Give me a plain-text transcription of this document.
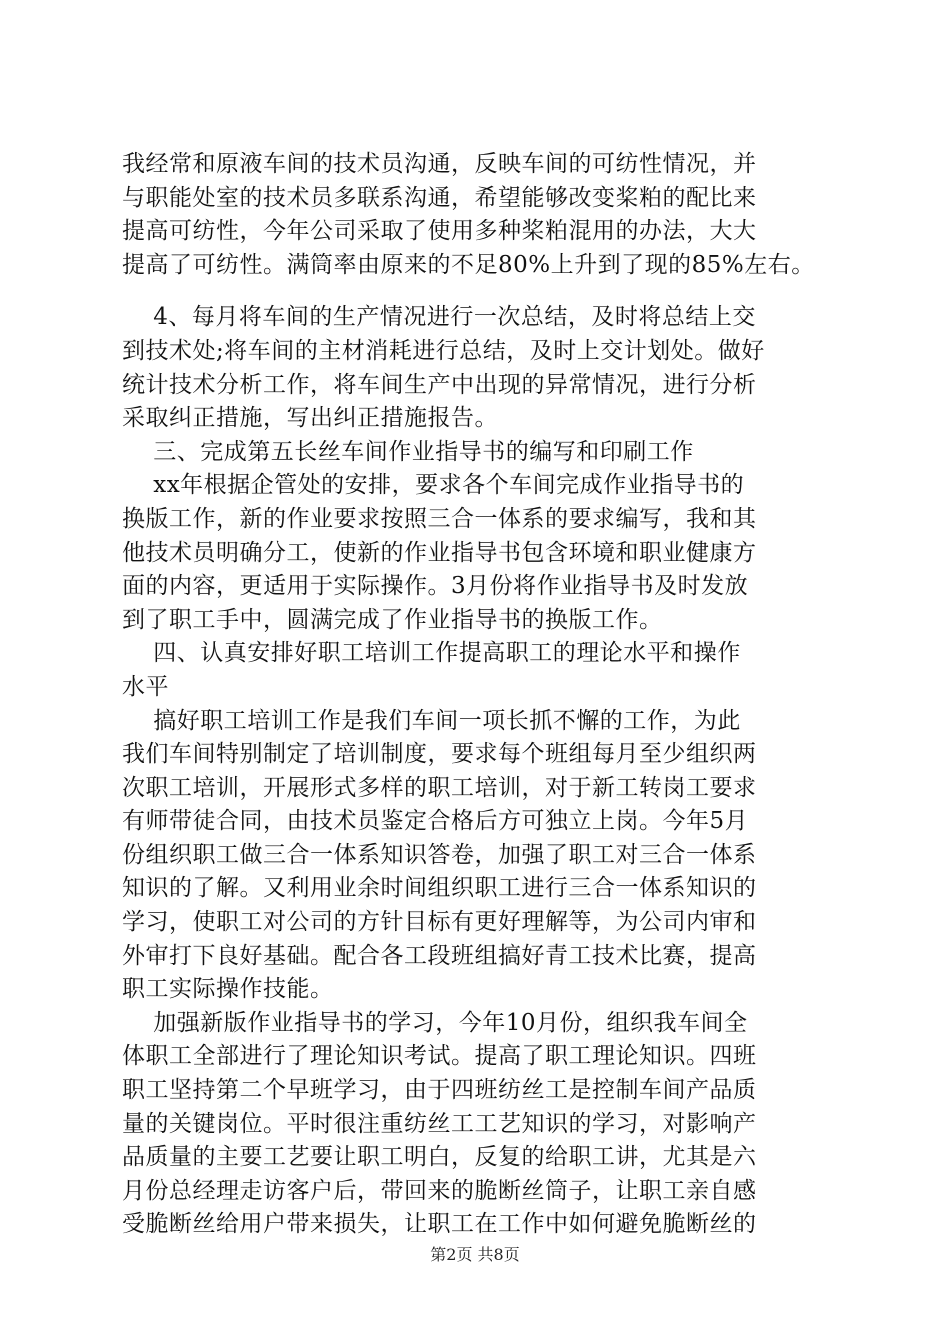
我经常和原液车间的技术员沟通，反映车间的可纺性情况，并
与职能处室的技术员多联系沟通，希望能够改变桨粕的配比来
提高可纺性，今年公司采取了使用多种桨粕混用的办法，大大
提高了可纺性。满筒率由原来的不足80%上升到了现的85%左右。
4、每月将车间的生产情况进行一次总结，及时将总结上交
到技术处;将车间的主材消耗进行总结，及时上交计划处。做好
统计技术分析工作，将车间生产中出现的异常情况，进行分析
采取纠正措施，写出纠正措施报告。
三、完成第五长丝车间作业指导书的编写和印刷工作
xx年根据企管处的安排，要求各个车间完成作业指导书的
换版工作，新的作业要求按照三合一体系的要求编写，我和其
他技术员明确分工，使新的作业指导书包含环境和职业健康方
面的内容，更适用于实际操作。3月份将作业指导书及时发放
到了职工手中，圆满完成了作业指导书的换版工作。
四、认真安排好职工培训工作提高职工的理论水平和操作
水平
搞好职工培训工作是我们车间一项长抓不懈的工作，为此
我们车间特别制定了培训制度，要求每个班组每月至少组织两
次职工培训，开展形式多样的职工培训，对于新工转岗工要求
有师带徒合同，由技术员鉴定合格后方可独立上岗。今年5月
份组织职工做三合一体系知识答卷，加强了职工对三合一体系
知识的了解。又利用业余时间组织职工进行三合一体系知识的
学习，使职工对公司的方针目标有更好理解等，为公司内审和
外审打下良好基础。配合各工段班组搞好青工技术比赛，提高
职工实际操作技能。
加强新版作业指导书的学习，今年10月份，组织我车间全
体职工全部进行了理论知识考试。提高了职工理论知识。四班
职工坚持第二个早班学习，由于四班纺丝工是控制车间产品质
量的关键岗位。平时很注重纺丝工工艺知识的学习，对影响产
品质量的主要工艺要让职工明白，反复的给职工讲，尤其是六
月份总经理走访客户后，带回来的脆断丝筒子，让职工亲自感
受脆断丝给用户带来损失，让职工在工作中如何避免脆断丝的
第2页 共8页
